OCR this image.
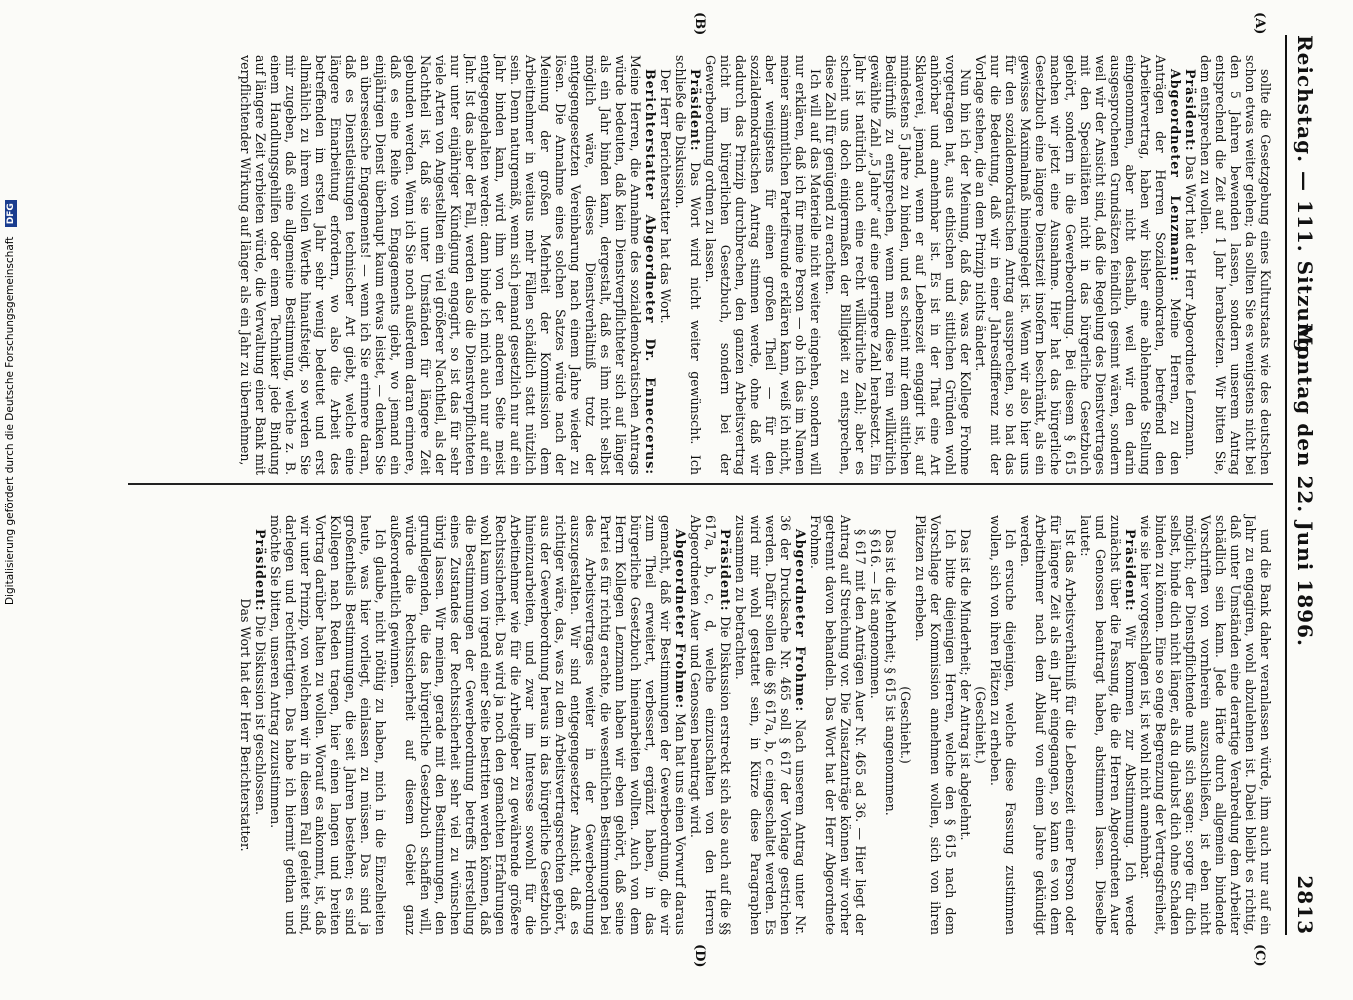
Reichstag. — 111. Sitzung.
Montag den 22. Juni 1896.
2813
(A)
(B)
(C)
(D)

sollte die Gesetzgebung eines Kulturstaats wie des deutschen schon etwas weiter gehen; da sollten Sie es wenigstens nicht bei den 5 Jahren bewenden lassen, sondern unserem Antrag entsprechend die Zeit auf 1 Jahr herabsetzen. Wir bitten Sie, dem entsprechen zu wollen.

Präsident: Das Wort hat der Herr Abgeordnete Lenzmann.

Abgeordneter Lenzmann: Meine Herren, zu den Anträgen der Herren Sozialdemokraten, betreffend den Arbeitervertrag, haben wir bisher eine ablehnende Stellung eingenommen, aber nicht deshalb, weil wir den darin ausgesprochenen Grundsätzen feindlich gesinnt wären, sondern weil wir der Ansicht sind, daß die Regelung des Dienstvertrages mit den Specialitäten nicht in das bürgerliche Gesetzbuch gehört, sondern in die Gewerbeordnung. Bei diesem § 615 machen wir jetzt eine Ausnahme. Hier hat das bürgerliche Gesetzbuch eine längere Dienstzeit insofern beschränkt, als ein gewisses Maximalmaß hineingelegt ist. Wenn wir also hier uns für den sozialdemokratischen Antrag aussprechen, so hat das nur die Bedeutung, daß wir in einer Jahresdifferenz mit der Vorlage stehen, die an dem Prinzip nichts ändert.

Nun bin ich der Meinung, daß das, was der Kollege Frohme vorgetragen hat, aus ethischen und sittlichen Gründen wohl anhörbar und annehmbar ist. Es ist in der That eine Art Sklaverei, jemand, wenn er auf Lebenszeit engagirt ist, auf mindestens 5 Jahre zu binden, und es scheint mir dem sittlichen Bedürfniß zu entsprechen, wenn man diese rein willkürlich gewählte Zahl „5 Jahre“ auf eine geringere Zahl herabsetzt. Ein Jahr ist natürlich auch eine recht willkürliche Zahl; aber es scheint uns doch einigermaßen der Billigkeit zu entsprechen, diese Zahl für genügend zu erachten.

Ich will auf das Materielle nicht weiter eingehen, sondern will nur erklären, daß ich für meine Person — ob ich das im Namen meiner sämmtlichen Parteifreunde erklären kann, weiß ich nicht, aber wenigstens für einen großen Theil — für den sozialdemokratischen Antrag stimmen werde, ohne daß wir dadurch das Prinzip durchbrechen, den ganzen Arbeitsvertrag nicht im bürgerlichen Gesetzbuch, sondern bei der Gewerbeordnung ordnen zu lassen.

Präsident: Das Wort wird nicht weiter gewünscht. Ich schließe die Diskussion.

Der Herr Berichterstatter hat das Wort.

Berichterstatter Abgeordneter Dr. Enneccerus: Meine Herren, die Annahme des sozialdemokratischen Antrags würde bedeuten, daß kein Dienstverpflichteter sich auf länger als ein Jahr binden kann, dergestalt, daß es ihm nicht selbst möglich wäre, dieses Dienstverhältniß trotz der entgegengesetzten Vereinbarung nach einem Jahre wieder zu lösen. Die Annahme eines solchen Satzes würde nach der Meinung der großen Mehrheit der Kommission dem Arbeitnehmer in weitaus mehr Fällen schädlich statt nützlich sein. Denn naturgemäß, wenn sich jemand gesetzlich nur auf ein Jahr binden kann, wird ihm von der anderen Seite meist entgegengehalten werden: dann binde ich mich auch nur auf ein Jahr. Ist das aber der Fall, werden also die Dienstverpflichteten nur unter einjähriger Kündigung engagirt, so ist das für sehr viele Arten von Angestellten ein viel größerer Nachtheil, als der Nachtheil ist, daß sie unter Umständen für längere Zeit gebunden werden. Wenn ich Sie noch außerdem daran erinnere, daß es eine Reihe von Engagements giebt, wo jemand ein einjährigen Dienst überhaupt kaum etwas leistet, — denken Sie an überseeische Engagements! — wenn ich Sie erinnere daran, daß es Dienstleistungen technischer Art giebt, welche eine längere Einarbeitung erfordern, wo also die Arbeit des betreffenden im ersten Jahr sehr wenig bedeutet und erst allmählich zu ihrem vollen Werthe hinaufsteigt, so werden Sie mir zugeben, daß eine allgemeine Bestimmung, welche z. B. einem Handlungsgehilfen oder einem Techniker jede Bindung auf längere Zeit verbieten würde, die Verwaltung einer Bank mit verpflichtender Wirkung auf länger als ein Jahr zu übernehmen,

und die Bank daher veranlassen würde, ihm auch nur auf ein Jahr zu engagiren, wohl abzulehnen ist. Dabei bleibt es richtig, daß unter Umständen eine derartige Verabredung dem Arbeiter schädlich sein kann. Jede Härte durch allgemein bindende Vorschriften von vornherein auszuschließen, ist eben nicht möglich; der Dienstpflichtende muß sich sagen: sorge für dich selbst, binde dich nicht länger, als du glaubst dich ohne Schaden binden zu können. Eine so enge Begrenzung der Vertragsfreiheit, wie sie hier vorgeschlagen ist, ist wohl nicht annehmbar.

Präsident: Wir kommen zur Abstimmung. Ich werde zunächst über die Fassung, die die Herren Abgeordneten Auer und Genossen beantragt haben, abstimmen lassen. Dieselbe lautet:

Ist das Arbeitsverhältniß für die Lebenszeit einer Person oder für längere Zeit als ein Jahr eingegangen, so kann es von dem Arbeitnehmer nach dem Ablauf von einem Jahre gekündigt werden.

Ich ersuche diejenigen, welche diese Fassung zustimmen wollen, sich von ihren Plätzen zu erheben.

(Geschieht.)

Das ist die Minderheit; der Antrag ist abgelehnt.

Ich bitte diejenigen Herren, welche den § 615 nach dem Vorschlage der Kommission annehmen wollen, sich von ihren Plätzen zu erheben.

(Geschieht.)

Das ist die Mehrheit; § 615 ist angenommen.

§ 616. — Ist angenommen.

§ 617 mit den Anträgen Auer Nr. 465 ad 36. — Hier liegt der Antrag auf Streichung vor. Die Zusatzanträge können wir vorher getrennt davon behandeln. Das Wort hat der Herr Abgeordnete Frohme.

Abgeordneter Frohme: Nach unserem Antrag unter Nr. 36 der Drucksache Nr. 465 soll § 617 der Vorlage gestrichen werden. Dafür sollen die §§ 617a, b, c eingeschaltet werden. Es wird mir wohl gestattet sein, in Kürze diese Paragraphen zusammen zu betrachten.

Präsident: Die Diskussion erstreckt sich also auch auf die §§ 617a, b, c, d, welche einzuschalten von den Herren Abgeordneten Auer und Genossen beantragt wird.

Abgeordneter Frohme: Man hat uns einen Vorwurf daraus gemacht, daß wir Bestimmungen der Gewerbeordnung, die wir zum Theil erweitert, verbessert, ergänzt haben, in das bürgerliche Gesetzbuch hineinarbeiten wollten. Auch von dem Herrn Kollegen Lenzmann haben wir eben gehört, daß seine Partei es für richtig erachte, die wesentlichen Bestimmungen bei des Arbeitsvertrages weiter in der Gewerbeordnung auszugestalten. Wir sind entgegengesetzter Ansicht, daß es richtiger wäre, das, was zu dem Arbeitsvertragsrechten gehört, aus der Gewerbeordnung heraus in das bürgerliche Gesetzbuch hineinzuarbeiten, und zwar im Interesse sowohl für die Arbeitnehmer wie für die Arbeitgeber zu gewährende größere Rechtssicherheit. Das wird ja noch den gemachten Erfahrungen wohl kaum von irgend einer Seite bestritten werden können, daß die Bestimmungen der Gewerbeordnung betreffs Herstellung eines Zustandes der Rechtssicherheit sehr viel zu wünschen übrig lassen. Wir meinen, gerade mit den Bestimmungen, den grundlegenden, die das bürgerliche Gesetzbuch schaffen will, würde die Rechtssicherheit auf diesem Gebiet ganz außerordentlich gewinnen.

Ich glaube, nicht nöthig zu haben, mich in die Einzelheiten heute, was hier vorliegt, einlassen zu müssen. Das sind ja großentheils Bestimmungen, die seit Jahren bestehen; es sind Kollegen nach Reden tragen, hier einen langen und breiten Vortrag darüber halten zu wollen. Worauf es ankommt, ist, daß wir unter Prinzip, von welchem wir in diesem Fall geleitet sind, darlegen und rechtfertigen. Das habe ich hiermit gethan und möchte Sie bitten, unseren Antrag zuzustimmen.

Präsident: Die Diskussion ist geschlossen.

Das Wort hat der Herr Berichterstatter.

Digitalisierung gefördert durch die Deutsche Forschungsgemeinschaft DFG
